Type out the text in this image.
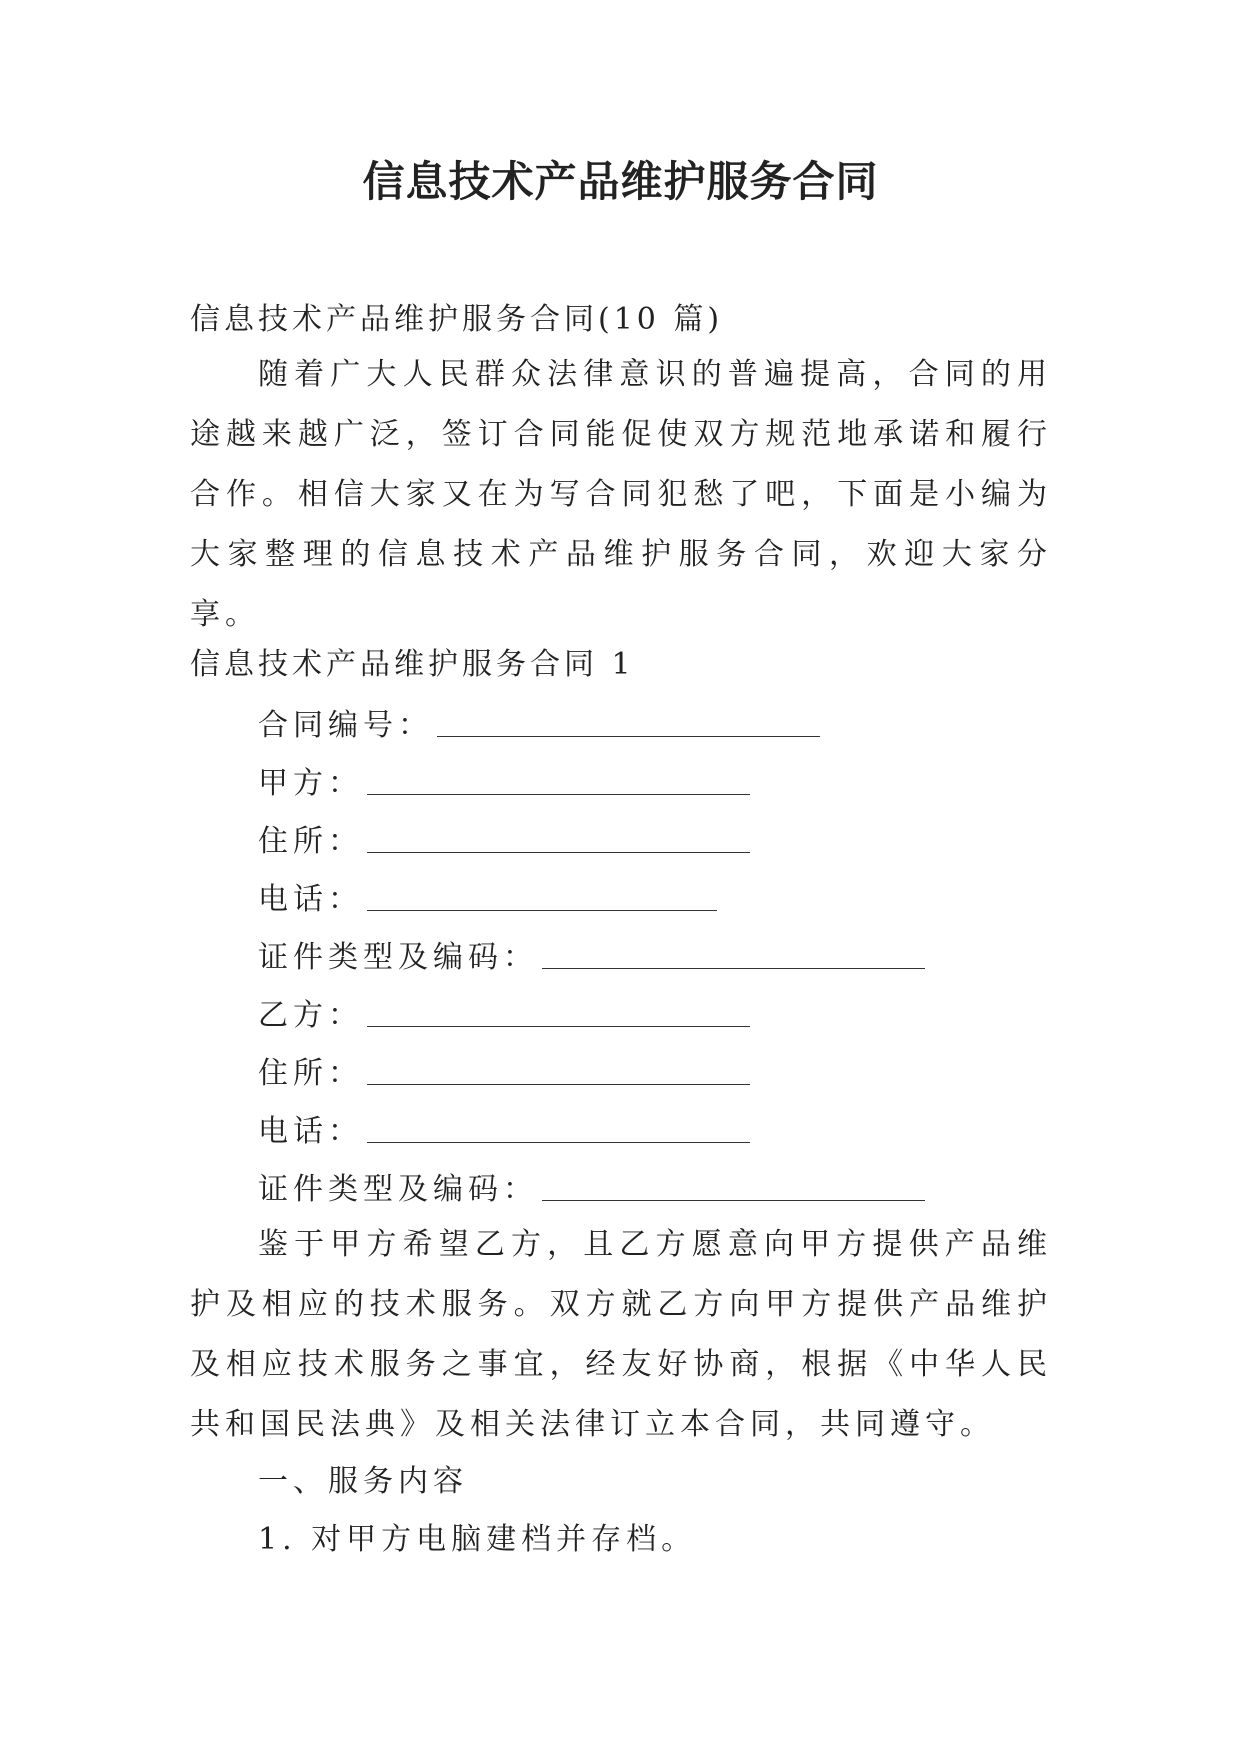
信息技术产品维护服务合同
信息技术产品维护服务合同(10 篇)
随着广大人民群众法律意识的普遍提高，合同的用途越来越广泛，签订合同能促使双方规范地承诺和履行合作。相信大家又在为写合同犯愁了吧，下面是小编为大家整理的信息技术产品维护服务合同，欢迎大家分享。
信息技术产品维护服务合同 1
合同编号：
甲方：
住所：
电话：
证件类型及编码：
乙方：
住所：
电话：
证件类型及编码：
鉴于甲方希望乙方，且乙方愿意向甲方提供产品维护及相应的技术服务。双方就乙方向甲方提供产品维护及相应技术服务之事宜，经友好协商，根据《中华人民共和国民法典》及相关法律订立本合同，共同遵守。
一、服务内容
1. 对甲方电脑建档并存档。
